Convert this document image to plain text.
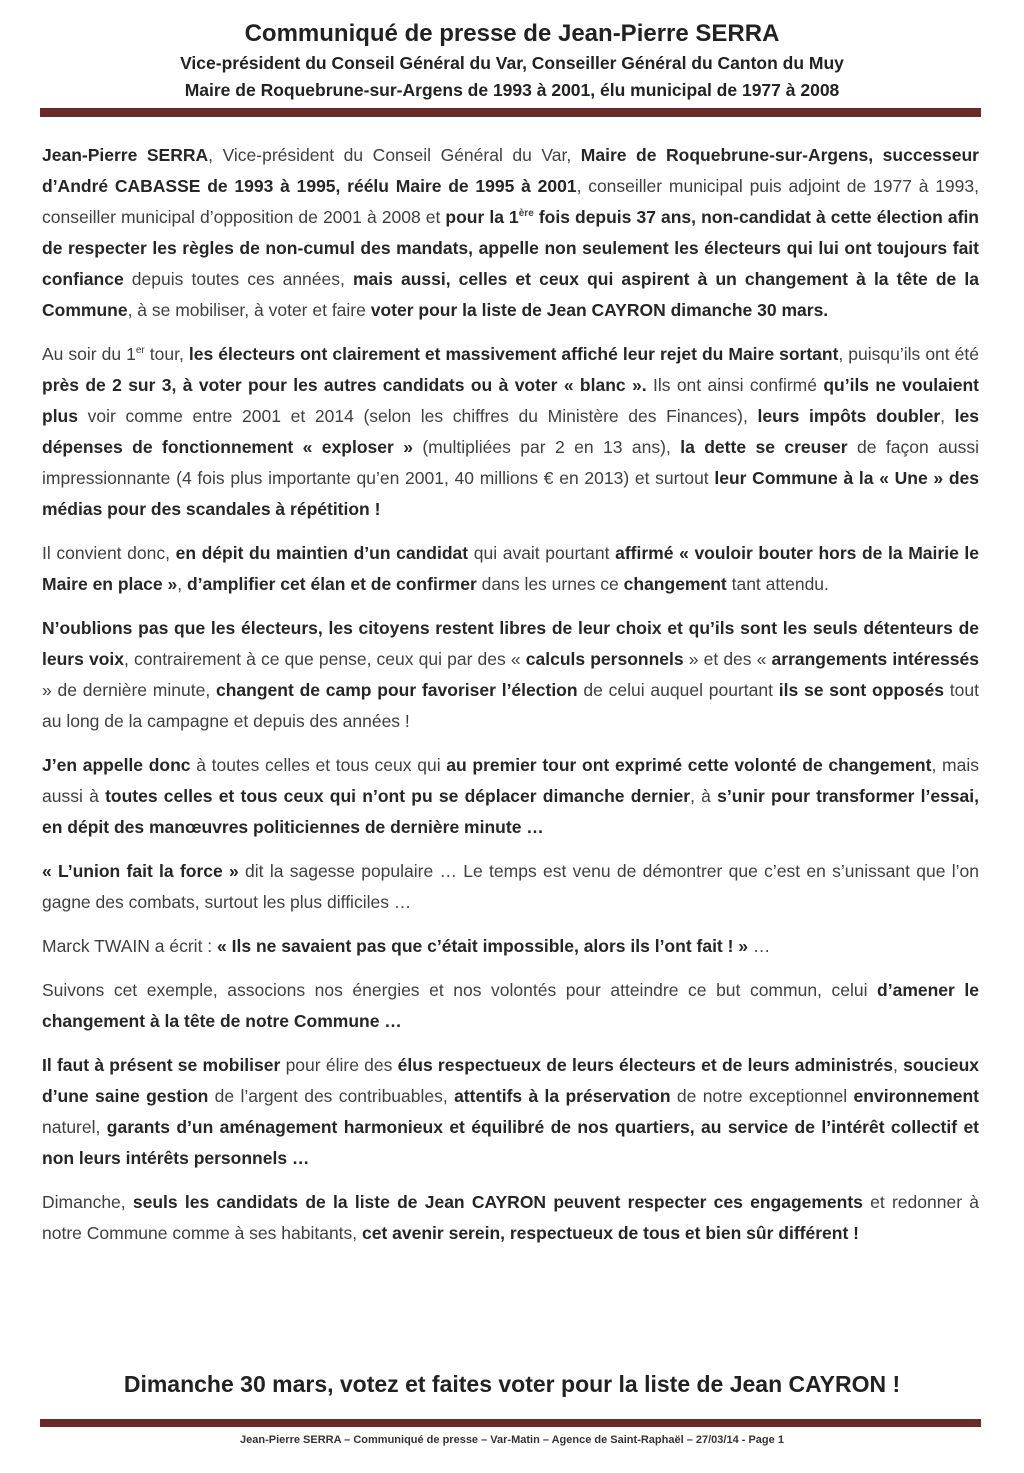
Communiqué de presse de Jean-Pierre SERRA
Vice-président du Conseil Général du Var, Conseiller Général du Canton du Muy
Maire de Roquebrune-sur-Argens de 1993 à 2001, élu municipal de 1977 à 2008

Jean-Pierre SERRA, Vice-président du Conseil Général du Var, Maire de Roquebrune-sur-Argens, successeur d’André CABASSE de 1993 à 1995, réélu Maire de 1995 à 2001, conseiller municipal puis adjoint de 1977 à 1993, conseiller municipal d’opposition de 2001 à 2008 et pour la 1ère fois depuis 37 ans, non-candidat à cette élection afin de respecter les règles de non-cumul des mandats, appelle non seulement les électeurs qui lui ont toujours fait confiance depuis toutes ces années, mais aussi, celles et ceux qui aspirent à un changement à la tête de la Commune, à se mobiliser, à voter et faire voter pour la liste de Jean CAYRON dimanche 30 mars.

Au soir du 1er tour, les électeurs ont clairement et massivement affiché leur rejet du Maire sortant, puisqu’ils ont été près de 2 sur 3, à voter pour les autres candidats ou à voter « blanc ». Ils ont ainsi confirmé qu’ils ne voulaient plus voir comme entre 2001 et 2014 (selon les chiffres du Ministère des Finances), leurs impôts doubler, les dépenses de fonctionnement « exploser » (multipliées par 2 en 13 ans), la dette se creuser de façon aussi impressionnante (4 fois plus importante qu’en 2001, 40 millions € en 2013) et surtout leur Commune à la « Une » des médias pour des scandales à répétition !

Il convient donc, en dépit du maintien d’un candidat qui avait pourtant affirmé « vouloir bouter hors de la Mairie le Maire en place », d’amplifier cet élan et de confirmer dans les urnes ce changement tant attendu.

N’oublions pas que les électeurs, les citoyens restent libres de leur choix et qu’ils sont les seuls détenteurs de leurs voix, contrairement à ce que pense, ceux qui par des « calculs personnels » et des « arrangements intéressés » de dernière minute, changent de camp pour favoriser l’élection de celui auquel pourtant ils se sont opposés tout au long de la campagne et depuis des années !

J’en appelle donc à toutes celles et tous ceux qui au premier tour ont exprimé cette volonté de changement, mais aussi à toutes celles et tous ceux qui n’ont pu se déplacer dimanche dernier, à s’unir pour transformer l’essai, en dépit des manœuvres politiciennes de dernière minute …

« L’union fait la force » dit la sagesse populaire … Le temps est venu de démontrer que c’est en s’unissant que l’on gagne des combats, surtout les plus difficiles …

Marck TWAIN a écrit : « Ils ne savaient pas que c’était impossible, alors ils l’ont fait ! » …

Suivons cet exemple, associons nos énergies et nos volontés pour atteindre ce but commun, celui d’amener le changement à la tête de notre Commune …

Il faut à présent se mobiliser pour élire des élus respectueux de leurs électeurs et de leurs administrés, soucieux d’une saine gestion de l’argent des contribuables, attentifs à la préservation de notre exceptionnel environnement naturel, garants d’un aménagement harmonieux et équilibré de nos quartiers, au service de l’intérêt collectif et non leurs intérêts personnels …

Dimanche, seuls les candidats de la liste de Jean CAYRON peuvent respecter ces engagements et redonner à notre Commune comme à ses habitants, cet avenir serein, respectueux de tous et bien sûr différent !

Dimanche 30 mars, votez et faites voter pour la liste de Jean CAYRON !
Jean-Pierre SERRA – Communiqué de presse – Var-Matin – Agence de Saint-Raphaël – 27/03/14 - Page 1
